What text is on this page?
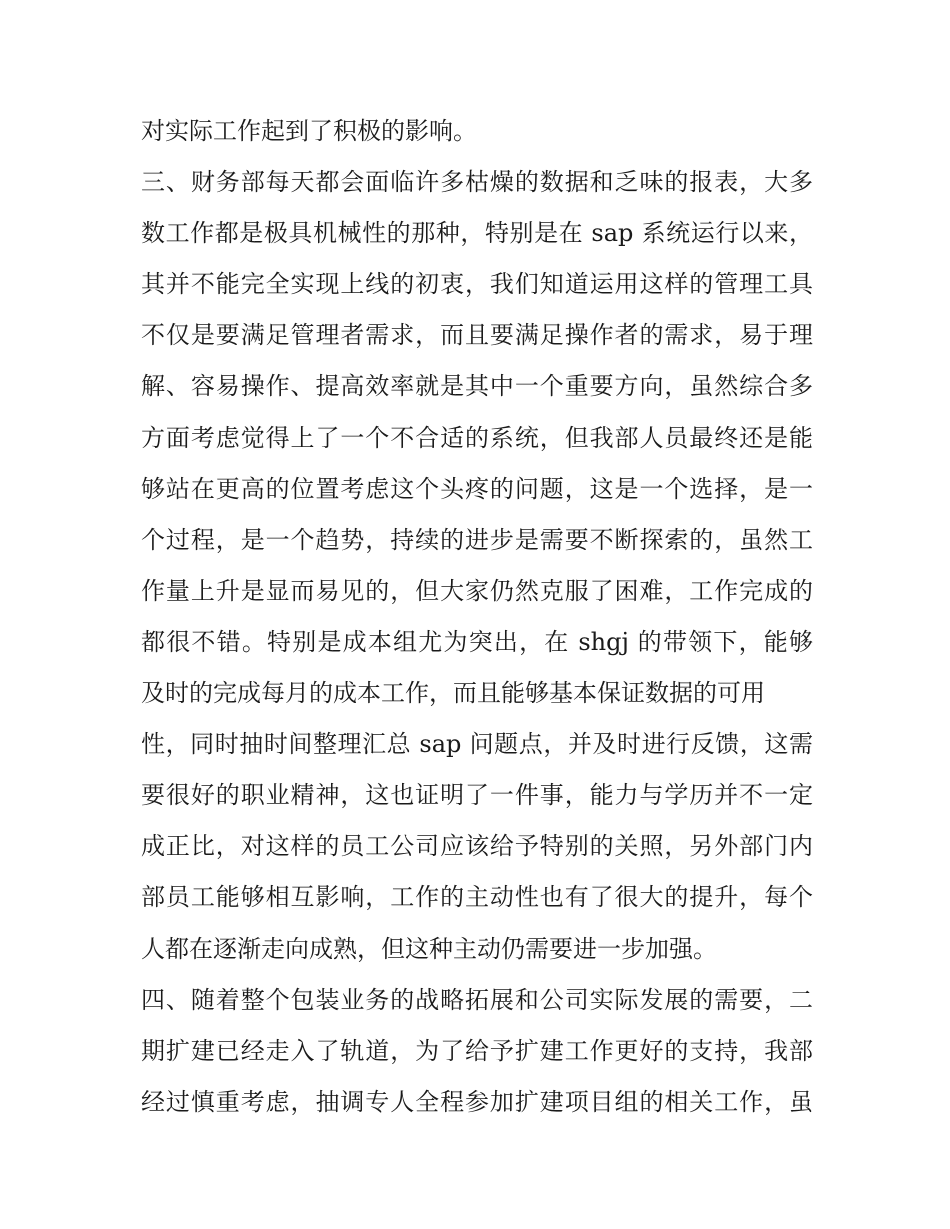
对实际工作起到了积极的影响。
三、财务部每天都会面临许多枯燥的数据和乏味的报表，大多
数工作都是极具机械性的那种，特别是在 sap 系统运行以来，
其并不能完全实现上线的初衷，我们知道运用这样的管理工具
不仅是要满足管理者需求，而且要满足操作者的需求，易于理
解、容易操作、提高效率就是其中一个重要方向，虽然综合多
方面考虑觉得上了一个不合适的系统，但我部人员最终还是能
够站在更高的位置考虑这个头疼的问题，这是一个选择，是一
个过程，是一个趋势，持续的进步是需要不断探索的，虽然工
作量上升是显而易见的，但大家仍然克服了困难，工作完成的
都很不错。特别是成本组尤为突出，在 shgj 的带领下，能够
及时的完成每月的成本工作，而且能够基本保证数据的可用
性，同时抽时间整理汇总 sap 问题点，并及时进行反馈，这需
要很好的职业精神，这也证明了一件事，能力与学历并不一定
成正比，对这样的员工公司应该给予特别的关照，另外部门内
部员工能够相互影响，工作的主动性也有了很大的提升，每个
人都在逐渐走向成熟，但这种主动仍需要进一步加强。
四、随着整个包装业务的战略拓展和公司实际发展的需要，二
期扩建已经走入了轨道，为了给予扩建工作更好的支持，我部
经过慎重考虑，抽调专人全程参加扩建项目组的相关工作，虽
